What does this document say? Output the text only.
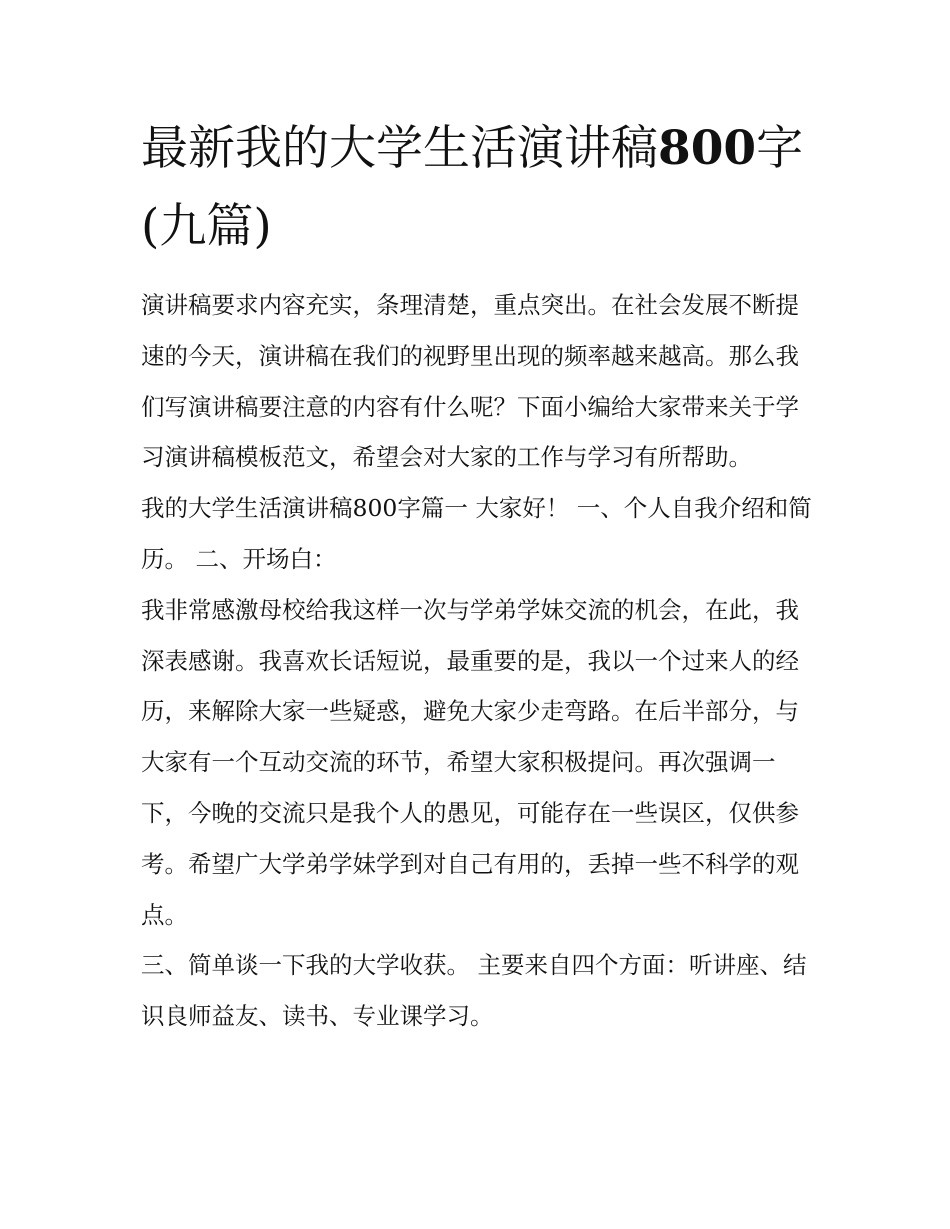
最新我的大学生活演讲稿800字(九篇)

演讲稿要求内容充实，条理清楚，重点突出。在社会发展不断提速的今天，演讲稿在我们的视野里出现的频率越来越高。那么我们写演讲稿要注意的内容有什么呢？下面小编给大家带来关于学习演讲稿模板范文，希望会对大家的工作与学习有所帮助。

我的大学生活演讲稿800字篇一 大家好！ 一、个人自我介绍和简历。 二、开场白：

我非常感激母校给我这样一次与学弟学妹交流的机会，在此，我深表感谢。我喜欢长话短说，最重要的是，我以一个过来人的经历，来解除大家一些疑惑，避免大家少走弯路。在后半部分，与大家有一个互动交流的环节，希望大家积极提问。再次强调一下，今晚的交流只是我个人的愚见，可能存在一些误区，仅供参考。希望广大学弟学妹学到对自己有用的，丢掉一些不科学的观点。

三、简单谈一下我的大学收获。 主要来自四个方面：听讲座、结识良师益友、读书、专业课学习。
